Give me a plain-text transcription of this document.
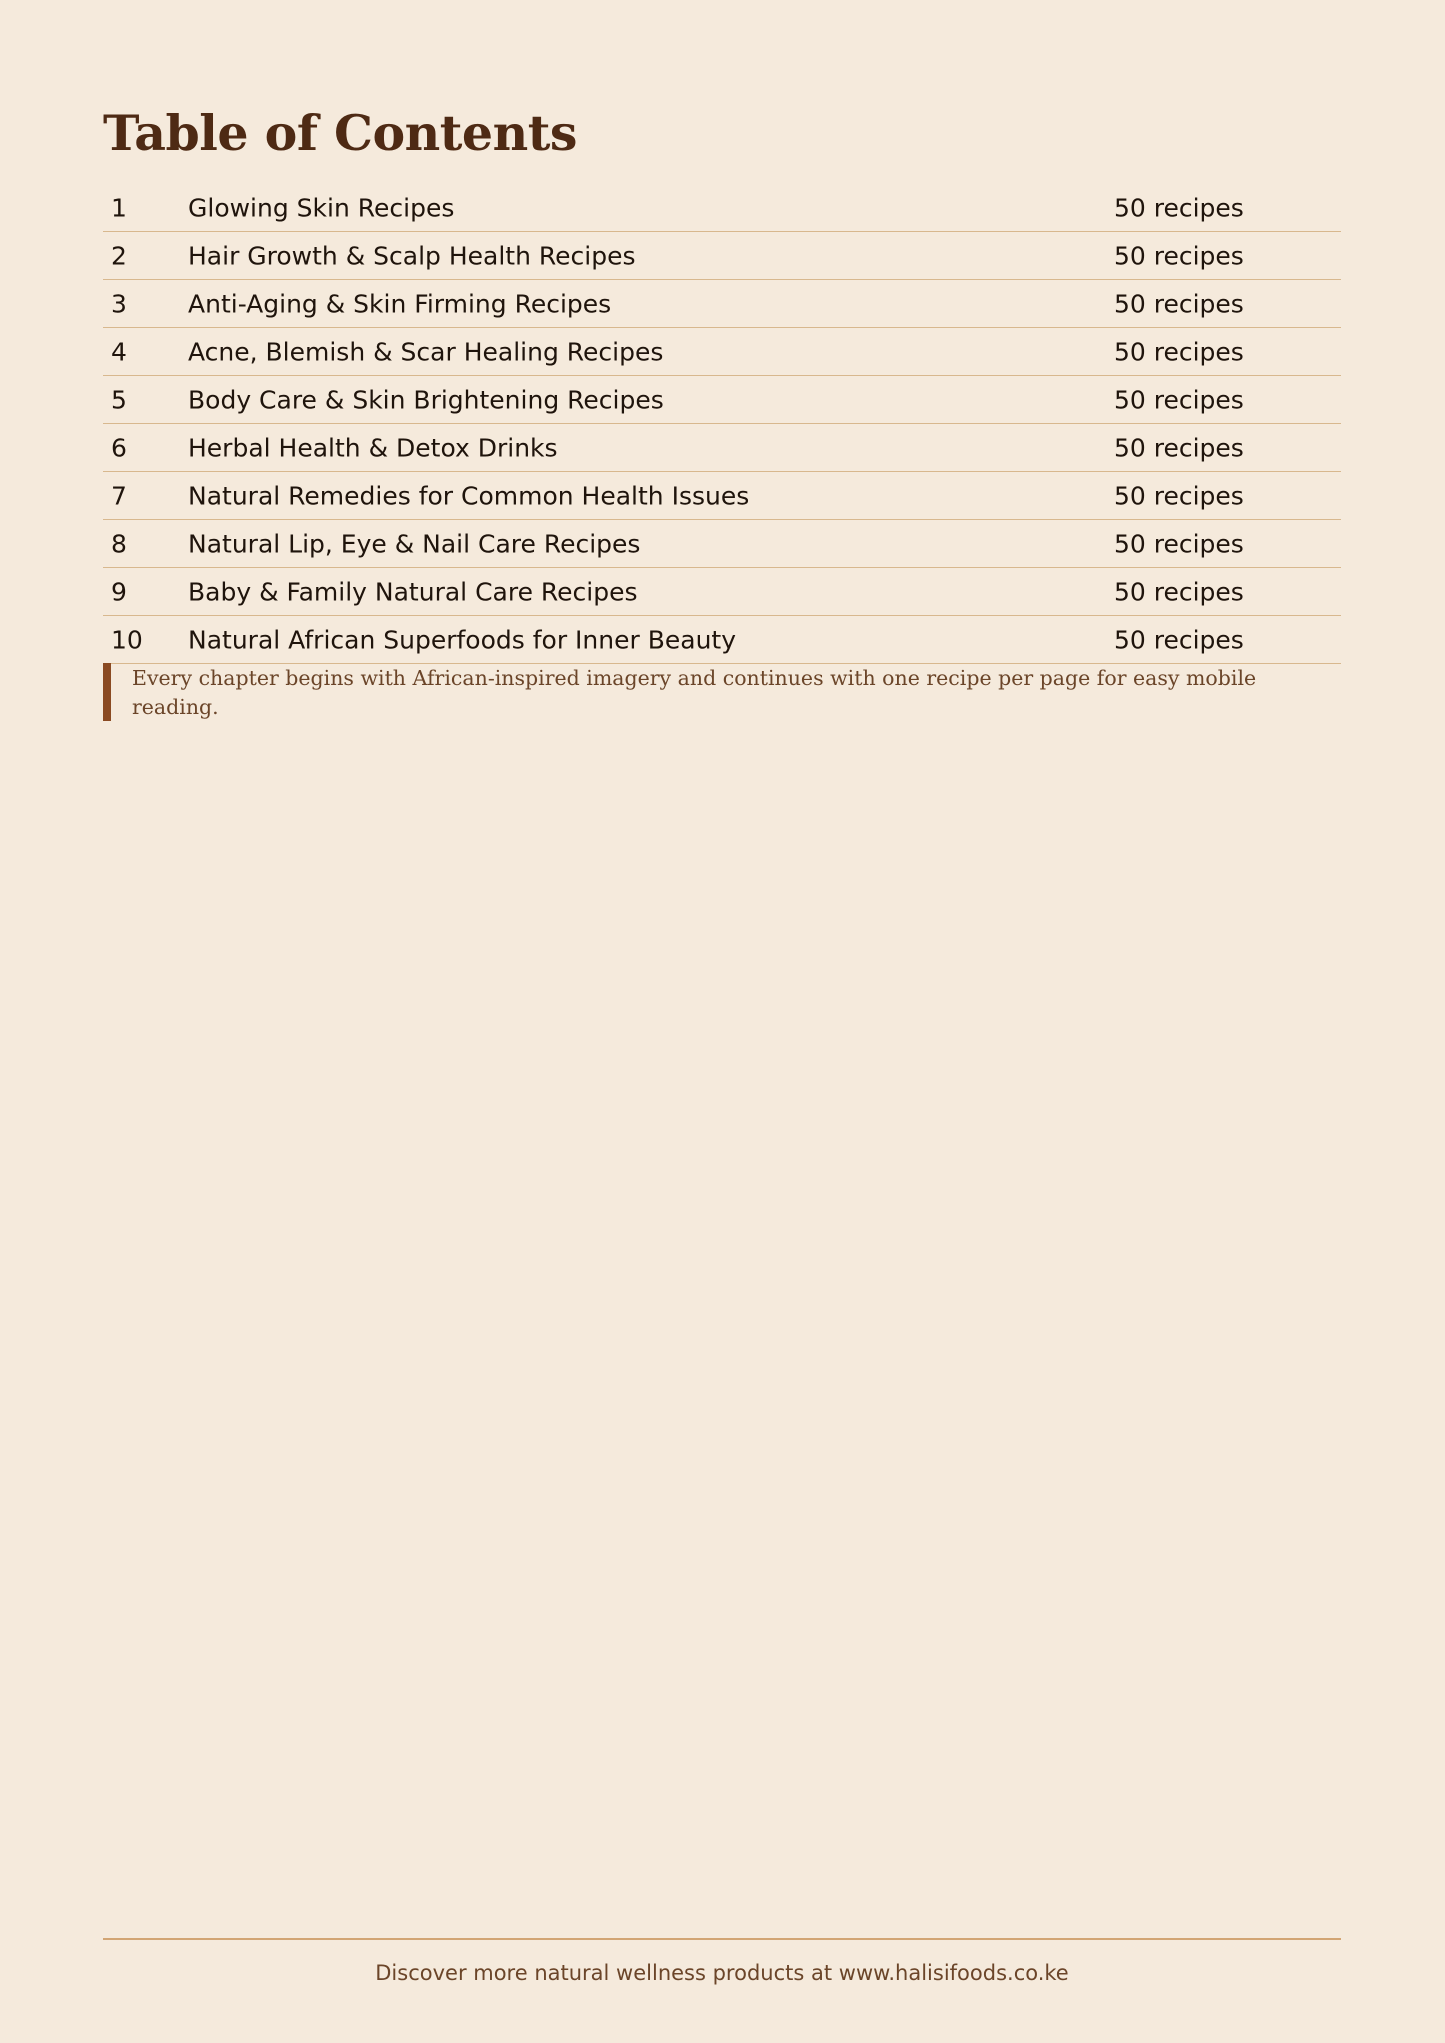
Table of Contents
1 Glowing Skin Recipes	50 recipes
2 Hair Growth & Scalp Health Recipes	50 recipes
3 Anti-Aging & Skin Firming Recipes	50 recipes
4 Acne, Blemish & Scar Healing Recipes	50 recipes
5 Body Care & Skin Brightening Recipes	50 recipes
6 Herbal Health & Detox Drinks	50 recipes
7 Natural Remedies for Common Health Issues	50 recipes
8 Natural Lip, Eye & Nail Care Recipes	50 recipes
9 Baby & Family Natural Care Recipes	50 recipes
10 Natural African Superfoods for Inner Beauty	50 recipes
Every chapter begins with African-inspired imagery and continues with one recipe per page for easy mobile reading.
Discover more natural wellness products at www.halisifoods.co.ke
